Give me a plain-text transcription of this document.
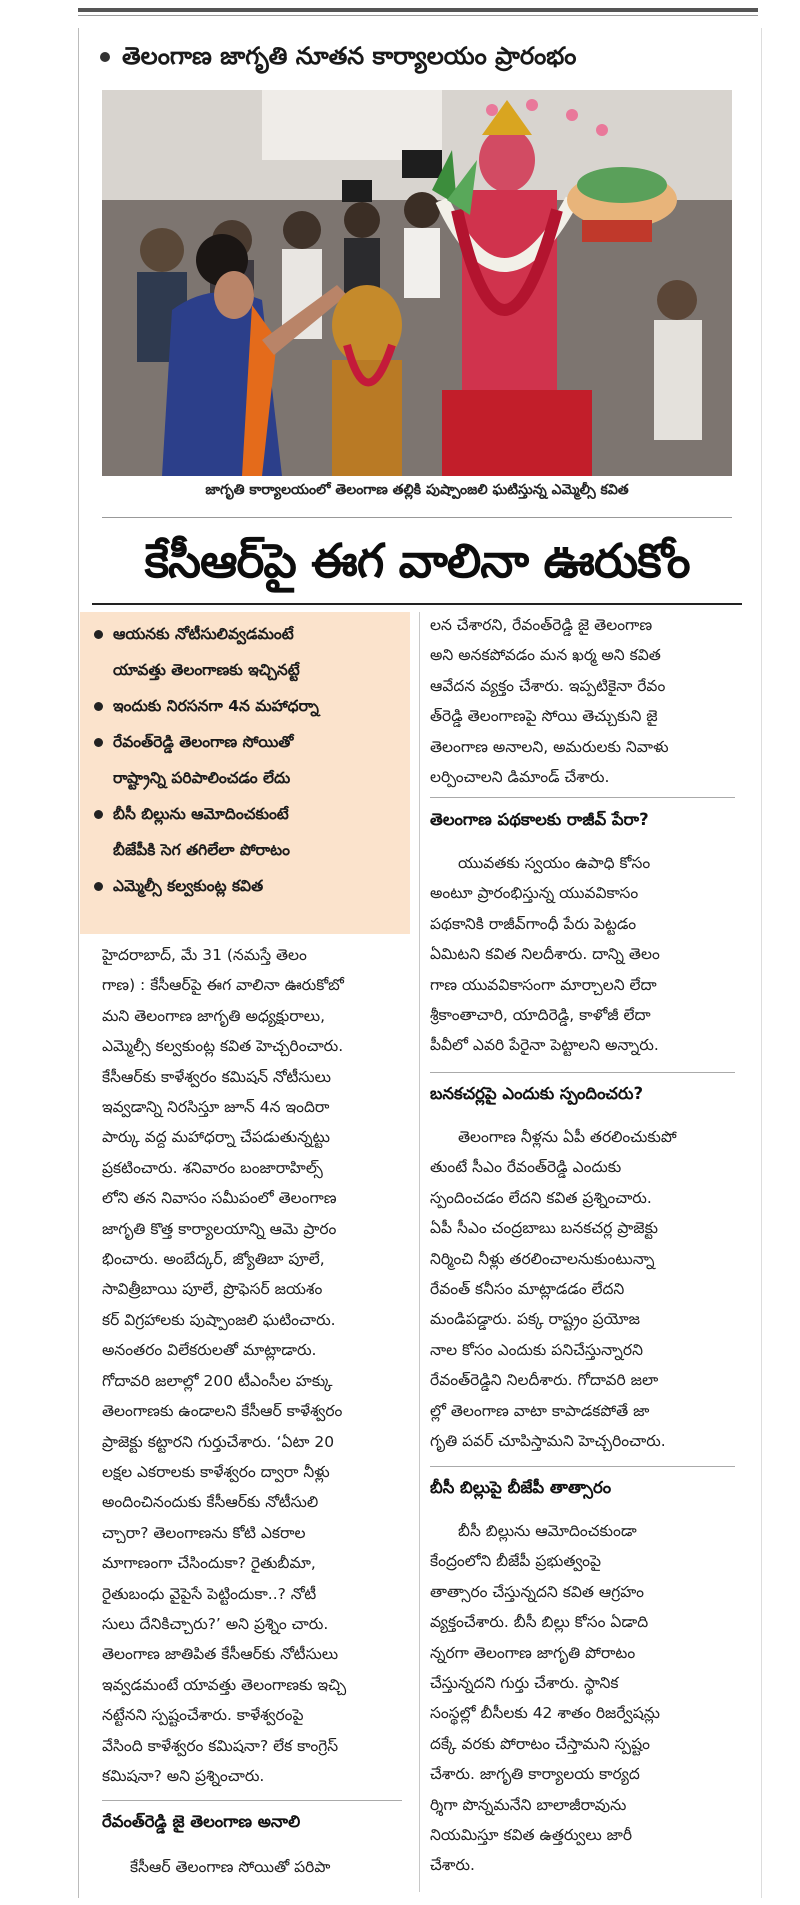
తెలంగాణ జాగృతి నూతన కార్యాలయం ప్రారంభం
జాగృతి కార్యాలయంలో తెలంగాణ తల్లికి పుష్పాంజలి ఘటిస్తున్న ఎమ్మెల్సీ కవిత
కేసీఆర్‌పై ఈగ వాలినా ఊరుకోం
ఆయనకు నోటీసులివ్వడమంటే
యావత్తు తెలంగాణకు ఇచ్చినట్టే
ఇందుకు నిరసనగా 4న మహాధర్నా
రేవంత్‌రెడ్డి తెలంగాణ సోయితో
రాష్ట్రాన్ని పరిపాలించడం లేదు
బీసీ బిల్లును ఆమోదించకుంటే
బీజేపీకి సెగ తగిలేలా పోరాటం
ఎమ్మెల్సీ కల్వకుంట్ల కవిత

హైదరాబాద్, మే 31 (నమస్తే తెలం

గాణ) : కేసీఆర్‌పై ఈగ వాలినా ఊరుకోబో

మని తెలంగాణ జాగృతి అధ్యక్షురాలు,

ఎమ్మెల్సీ కల్వకుంట్ల కవిత హెచ్చరించారు.

కేసీఆర్‌కు కాళేశ్వరం కమిషన్ నోటీసులు

ఇవ్వడాన్ని నిరసిస్తూ జూన్ 4న ఇందిరా

పార్కు వద్ద మహాధర్నా చేపడుతున్నట్టు

ప్రకటించారు. శనివారం బంజారాహిల్స్

లోని తన నివాసం సమీపంలో తెలంగాణ

జాగృతి కొత్త కార్యాలయాన్ని ఆమె ప్రారం

భించారు. అంబేద్కర్, జ్యోతిబా పూలే,

సావిత్రీబాయి పూలే, ప్రొఫెసర్ జయశం

కర్ విగ్రహాలకు పుష్పాంజలి ఘటించారు.

అనంతరం విలేకరులతో మాట్లాడారు.

గోదావరి జలాల్లో 200 టీఎంసీల హక్కు

తెలంగాణకు ఉండాలని కేసీఆర్ కాళేశ్వరం

ప్రాజెక్టు కట్టారని గుర్తుచేశారు. ‘ఏటా 20

లక్షల ఎకరాలకు కాళేశ్వరం ద్వారా నీళ్లు

అందించినందుకు కేసీఆర్‌కు నోటీసులి

చ్చారా? తెలంగాణను కోటి ఎకరాల

మాగాణంగా చేసిందుకా? రైతుబీమా,

రైతుబంధు వైపైసే పెట్టిందుకా..? నోటీ

సులు దేనికిచ్చారు?’ అని ప్రశ్నిం చారు.

తెలంగాణ జాతిపిత కేసీఆర్‌కు నోటీసులు

ఇవ్వడమంటే యావత్తు తెలంగాణకు ఇచ్చి

నట్టేనని స్పష్టంచేశారు. కాళేశ్వరంపై

వేసింది కాళేశ్వరం కమిషనా? లేక కాంగ్రెస్

కమిషనా? అని ప్రశ్నించారు.

రేవంత్‌రెడ్డి జై తెలంగాణ అనాలి

కేసీఆర్ తెలంగాణ సోయితో పరిపా

లన చేశారని, రేవంత్‌రెడ్డి జై తెలంగాణ

అని అనకపోవడం మన ఖర్మ అని కవిత

ఆవేదన వ్యక్తం చేశారు. ఇప్పటికైనా రేవం

త్‌రెడ్డి తెలంగాణపై సోయి తెచ్చుకుని జై

తెలంగాణ అనాలని, అమరులకు నివాళు

లర్పించాలని డిమాండ్ చేశారు.

తెలంగాణ పథకాలకు రాజీవ్ పేరా?

యువతకు స్వయం ఉపాధి కోసం

అంటూ ప్రారంభిస్తున్న యువవికాసం

పథకానికి రాజీవ్‌గాంధీ పేరు పెట్టడం

ఏమిటని కవిత నిలదీశారు. దాన్ని తెలం

గాణ యువవికాసంగా మార్చాలని లేదా

శ్రీకాంతాచారి, యాదిరెడ్డి, కాళోజీ లేదా

పీవీలో ఎవరి పేరైనా పెట్టాలని అన్నారు.

బనకచర్లపై ఎందుకు స్పందించరు?

తెలంగాణ నీళ్లను ఏపీ తరలించుకుపో

తుంటే సీఎం రేవంత్‌రెడ్డి ఎందుకు

స్పందించడం లేదని కవిత ప్రశ్నించారు.

ఏపీ సీఎం చంద్రబాబు బనకచర్ల ప్రాజెక్టు

నిర్మించి నీళ్లు తరలించాలనుకుంటున్నా

రేవంత్ కనీసం మాట్లాడడం లేదని

మండిపడ్డారు. పక్క రాష్ట్రం ప్రయోజ

నాల కోసం ఎందుకు పనిచేస్తున్నారని

రేవంత్‌రెడ్డిని నిలదీశారు. గోదావరి జలా

ల్లో తెలంగాణ వాటా కాపాడకపోతే జా

గృతి పవర్ చూపిస్తామని హెచ్చరించారు.

బీసీ బిల్లుపై బీజేపీ తాత్సారం

బీసీ బిల్లును ఆమోదించకుండా

కేంద్రంలోని బీజేపీ ప్రభుత్వంపై

తాత్సారం చేస్తున్నదని కవిత ఆగ్రహం

వ్యక్తంచేశారు. బీసీ బిల్లు కోసం ఏడాది

న్నరగా తెలంగాణ జాగృతి పోరాటం

చేస్తున్నదని గుర్తు చేశారు. స్థానిక

సంస్థల్లో బీసీలకు 42 శాతం రిజర్వేషన్లు

దక్కే వరకు పోరాటం చేస్తామని స్పష్టం

చేశారు. జాగృతి కార్యాలయ కార్యద

ర్శిగా పొన్నమనేని బాలాజీరావును

నియమిస్తూ కవిత ఉత్తర్వులు జారీ

చేశారు.
